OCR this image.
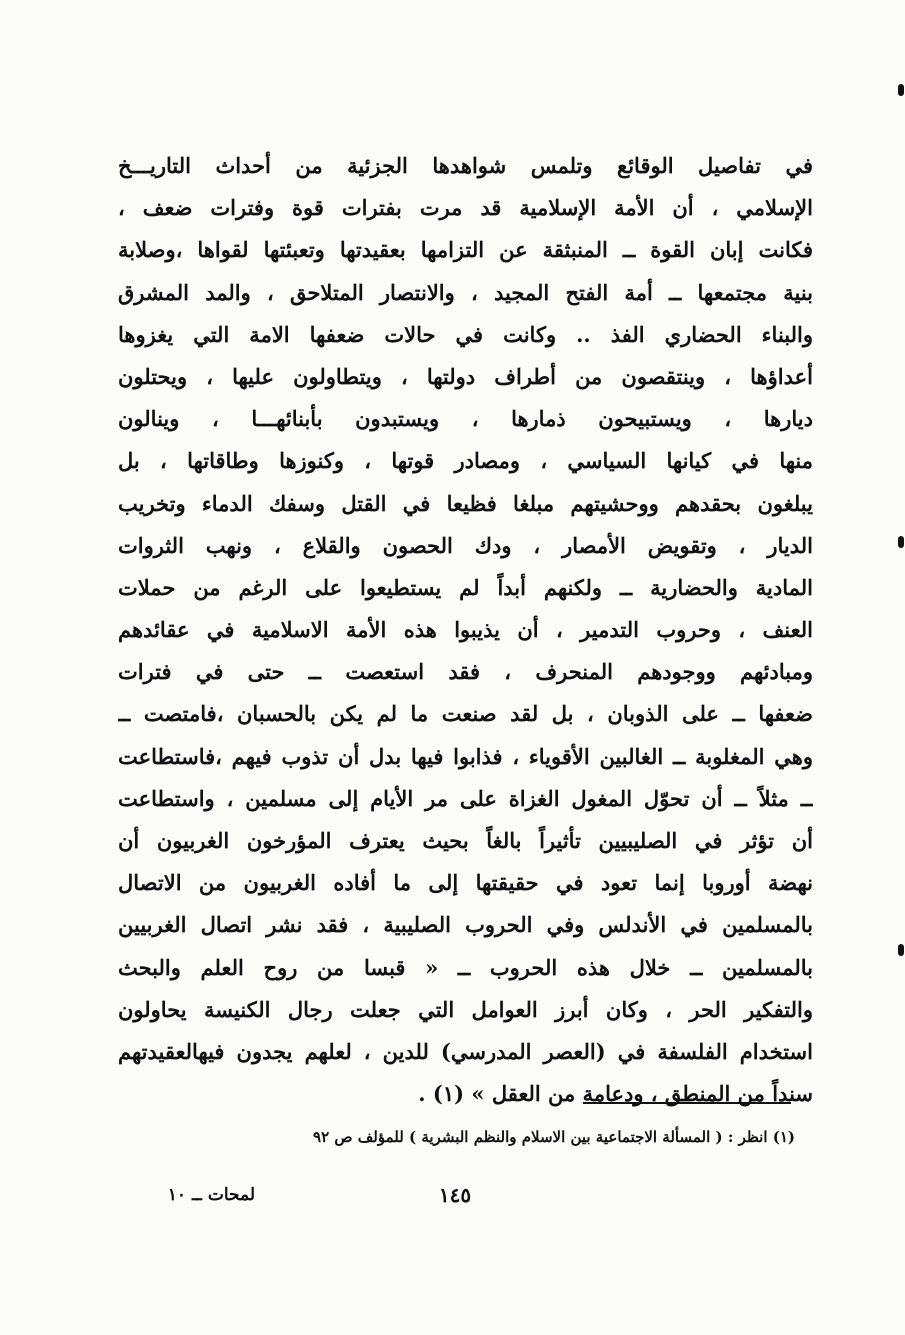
في تفاصيل الوقائع وتلمس شواهدها الجزئية من أحداث التاريـــخ
الإسلامي ، أن الأمة الإسلامية قد مرت بفترات قوة وفترات ضعف ،
فكانت إبان القوة ــ المنبثقة عن التزامها بعقيدتها وتعبئتها لقواها ،وصلابة
بنية مجتمعها ــ أمة الفتح المجيد ، والانتصار المتلاحق ، والمد المشرق
والبناء الحضاري الفذ .. وكانت في حالات ضعفها الامة التي يغزوها
أعداؤها ، وينتقصون من أطراف دولتها ، ويتطاولون عليها ، ويحتلون
ديارها ، ويستبيحون ذمارها ، ويستبدون بأبنائهـــا ، وينالون
منها في كيانها السياسي ، ومصادر قوتها ، وكنوزها وطاقاتها ، بل
يبلغون بحقدهم ووحشيتهم مبلغا فظيعا في القتل وسفك الدماء وتخريب
الديار ، وتقويض الأمصار ، ودك الحصون والقلاع ، ونهب الثروات
المادية والحضارية ــ ولكنهم أبداً لم يستطيعوا على الرغم من حملات
العنف ، وحروب التدمير ، أن يذيبوا هذه الأمة الاسلامية في عقائدهم
ومبادئهم ووجودهم المنحرف ، فقد استعصت ــ حتى في فترات
ضعفها ــ على الذوبان ، بل لقد صنعت ما لم يكن بالحسبان ،فامتصت ــ
وهي المغلوبة ــ الغالبين الأقوياء ، فذابوا فيها بدل أن تذوب فيهم ،فاستطاعت
ــ مثلاً ــ أن تحوّل المغول الغزاة على مر الأيام إلى مسلمين ، واستطاعت
أن تؤثر في الصليبيين تأثيراً بالغاً بحيث يعترف المؤرخون الغربيون أن
نهضة أوروبا إنما تعود في حقيقتها إلى ما أفاده الغربيون من الاتصال
بالمسلمين في الأندلس وفي الحروب الصليبية ، فقد نشر اتصال الغربيين
بالمسلمين ــ خلال هذه الحروب ــ « قبسا من روح العلم والبحث
والتفكير الحر ، وكان أبرز العوامل التي جعلت رجال الكنيسة يحاولون
استخدام الفلسفة في (العصر المدرسي) للدين ، لعلهم يجدون فيهالعقيدتهم
سنداً من المنطق ، ودعامة من العقل » (١) .
(١) انظر : ( المسألة الاجتماعية بين الاسلام والنظم البشرية ) للمؤلف ص ٩٢
١٤٥
لمحات ــ ١٠
